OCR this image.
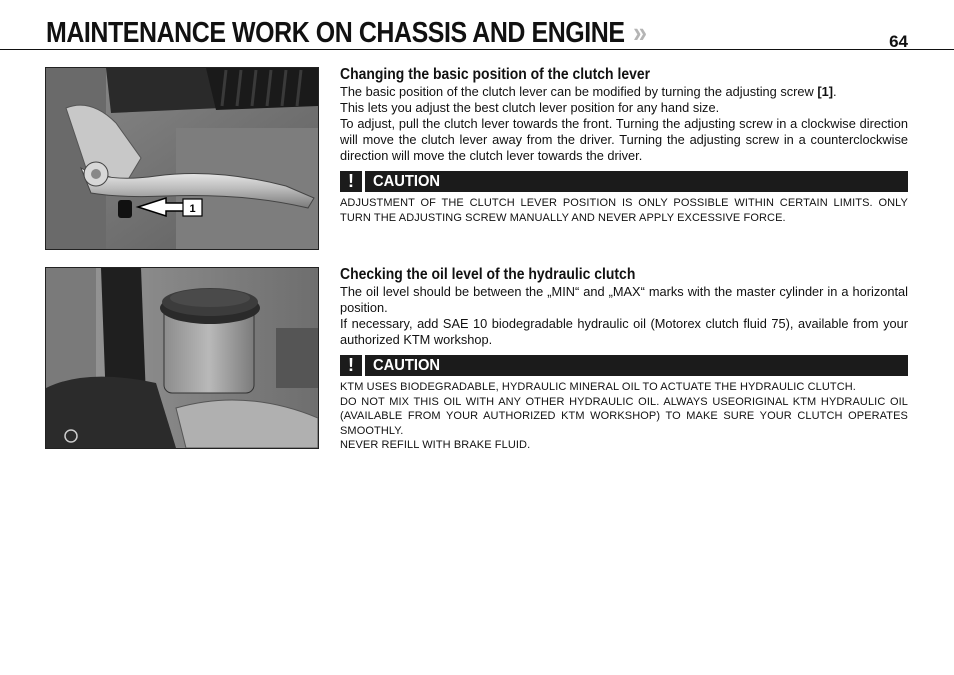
MAINTENANCE WORK ON CHASSIS AND ENGINE »	64
1
Changing the basic position of the clutch lever

The basic position of the clutch lever can be modified by turning the adjusting screw [1].

This lets you adjust the best clutch lever position for any hand size.

To adjust, pull the clutch lever towards the front. Turning the adjusting screw in a clockwise direction will move the clutch lever away from the driver. Turning the adjusting screw in a counterclockwise direction will move the clutch lever towards the driver.

!	CAUTION

ADJUSTMENT OF THE CLUTCH LEVER POSITION IS ONLY POSSIBLE WITHIN CERTAIN LIMITS. ONLY TURN THE ADJUSTING SCREW MANUALLY AND NEVER APPLY EXCESSIVE FORCE.

Checking the oil level of the hydraulic clutch

The oil level should be between the „MIN“ and „MAX“ marks with the master cylinder in a horizontal position.

If necessary, add SAE 10 biodegradable hydraulic oil (Motorex clutch fluid 75), available from your authorized KTM workshop.

!	CAUTION

KTM USES BIODEGRADABLE, HYDRAULIC MINERAL OIL TO ACTUATE THE HYDRAULIC CLUTCH.

DO NOT MIX THIS OIL WITH ANY OTHER HYDRAULIC OIL. ALWAYS USEORIGINAL KTM HYDRAULIC OIL (AVAILABLE FROM YOUR AUTHORIZED KTM WORKSHOP) TO MAKE SURE YOUR CLUTCH OPERATES SMOOTHLY.

NEVER REFILL WITH BRAKE FLUID.
